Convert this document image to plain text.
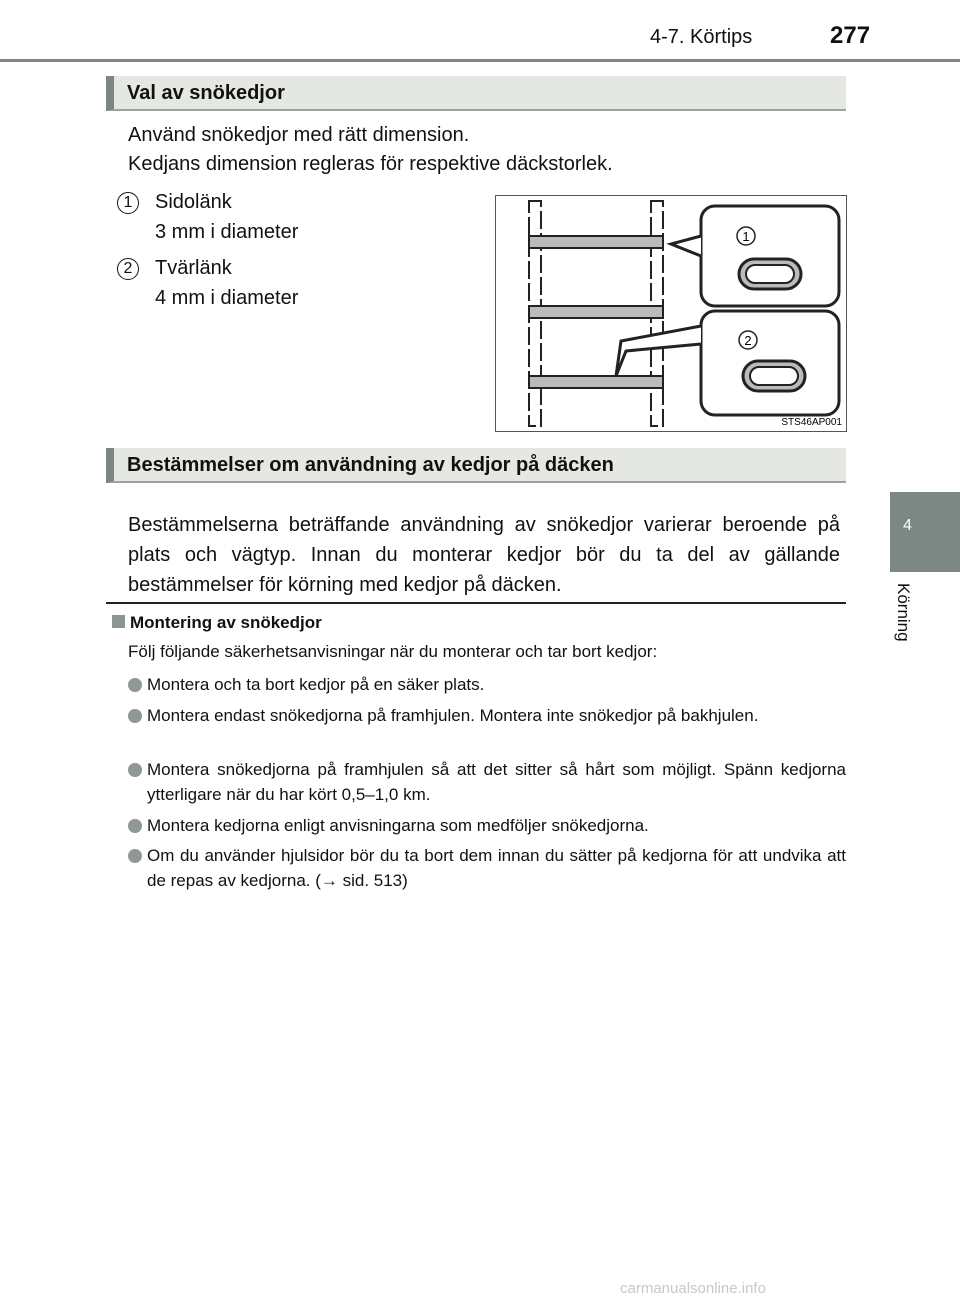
4-7. Körtips	277
4
Körning
Val av snökedjor
Använd snökedjor med rätt dimension.
Kedjans dimension regleras för respektive däckstorlek.
1	Sidolänk
3 mm i diameter
2	Tvärlänk
4 mm i diameter
1
2
STS46AP001
Bestämmelser om användning av kedjor på däcken
Bestämmelserna beträffande användning av snökedjor varierar beroende på plats och vägtyp. Innan du monterar kedjor bör du ta del av gällande bestämmelser för körning med kedjor på däcken.
Montering av snökedjor
Följ följande säkerhetsanvisningar när du monterar och tar bort kedjor:
Montera och ta bort kedjor på en säker plats.
Montera endast snökedjorna på framhjulen. Montera inte snökedjor på bakhjulen.
Montera snökedjorna på framhjulen så att det sitter så hårt som möjligt. Spänn kedjorna ytterligare när du har kört 0,5–1,0 km.
Montera kedjorna enligt anvisningarna som medföljer snökedjorna.
Om du använder hjulsidor bör du ta bort dem innan du sätter på kedjorna för att undvika att de repas av kedjorna. (→ sid. 513)
carmanualsonline.info
